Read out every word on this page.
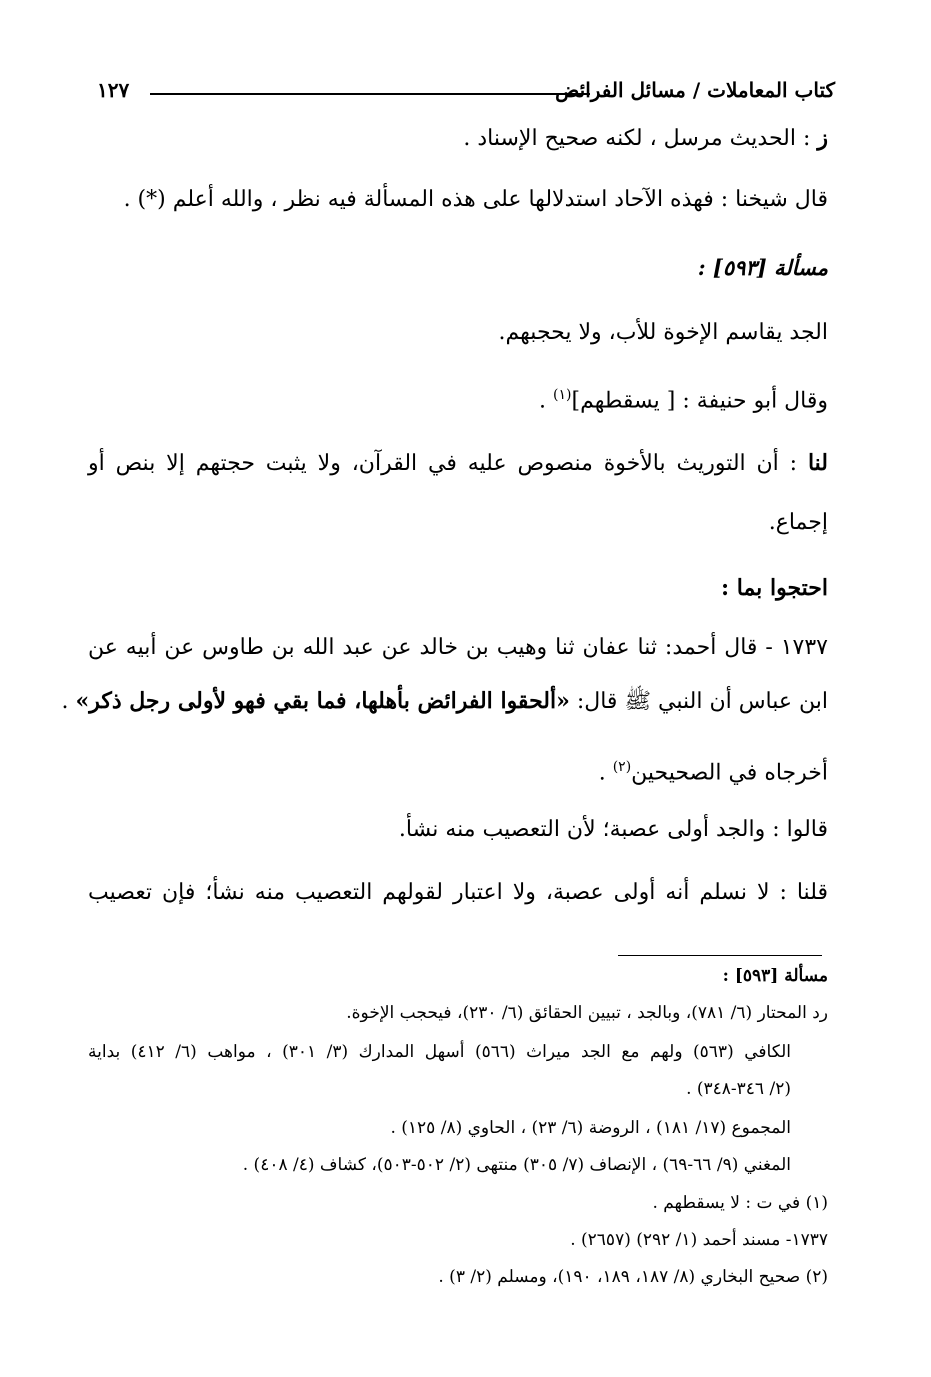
كتاب المعاملات / مسائل الفرائض
١٢٧
ز : الحديث مرسل ، لكنه صحيح الإسناد .
قال شيخنا : فهذه الآحاد استدلالها على هذه المسألة فيه نظر ، والله أعلم (*) .
مسألة [٥٩٣] :
الجد يقاسم الإخوة للأب، ولا يحجبهم.
وقال أبو حنيفة : [ يسقطهم]$^{(١)}$ .
لنا : أن التوريث بالأخوة منصوص عليه في القرآن، ولا يثبت حجتهم إلا بنص أو
إجماع.
احتجوا بما :
١٧٣٧ - قال أحمد: ثنا عفان ثنا وهيب بن خالد عن عبد الله بن طاوس عن أبيه عن
ابن عباس أن النبي ﷺ قال: «ألحقوا الفرائض بأهلها، فما بقي فهو لأولى رجل ذكر» .
أخرجاه في الصحيحين$^{(٢)}$ .
قالوا : والجد أولى عصبة؛ لأن التعصيب منه نشأ.
قلنا : لا نسلم أنه أولى عصبة، ولا اعتبار لقولهم التعصيب منه نشأ؛ فإن تعصيب
مسألة [٥٩٣] :
رد المحتار (٦/ ٧٨١)، وبالجد ، تبيين الحقائق (٦/ ٢٣٠)، فيحجب الإخوة.
الكافي (٥٦٣) ولهم مع الجد ميراث (٥٦٦) أسهل المدارك (٣/ ٣٠١) ، مواهب (٦/ ٤١٢) بداية
(٢/ ٣٤٦-٣٤٨) .
المجموع (١٧/ ١٨١) ، الروضة (٦/ ٢٣) ، الحاوي (٨/ ١٢٥) .
المغني (٩/ ٦٦-٦٩) ، الإنصاف (٧/ ٣٠٥) منتهى (٢/ ٥٠٢-٥٠٣)، كشاف (٤/ ٤٠٨) .
(١) في ت : لا يسقطهم .
١٧٣٧- مسند أحمد (١/ ٢٩٢) (٢٦٥٧) .
(٢) صحيح البخاري (٨/ ١٨٧، ١٨٩، ١٩٠)، ومسلم (٢/ ٣) .
